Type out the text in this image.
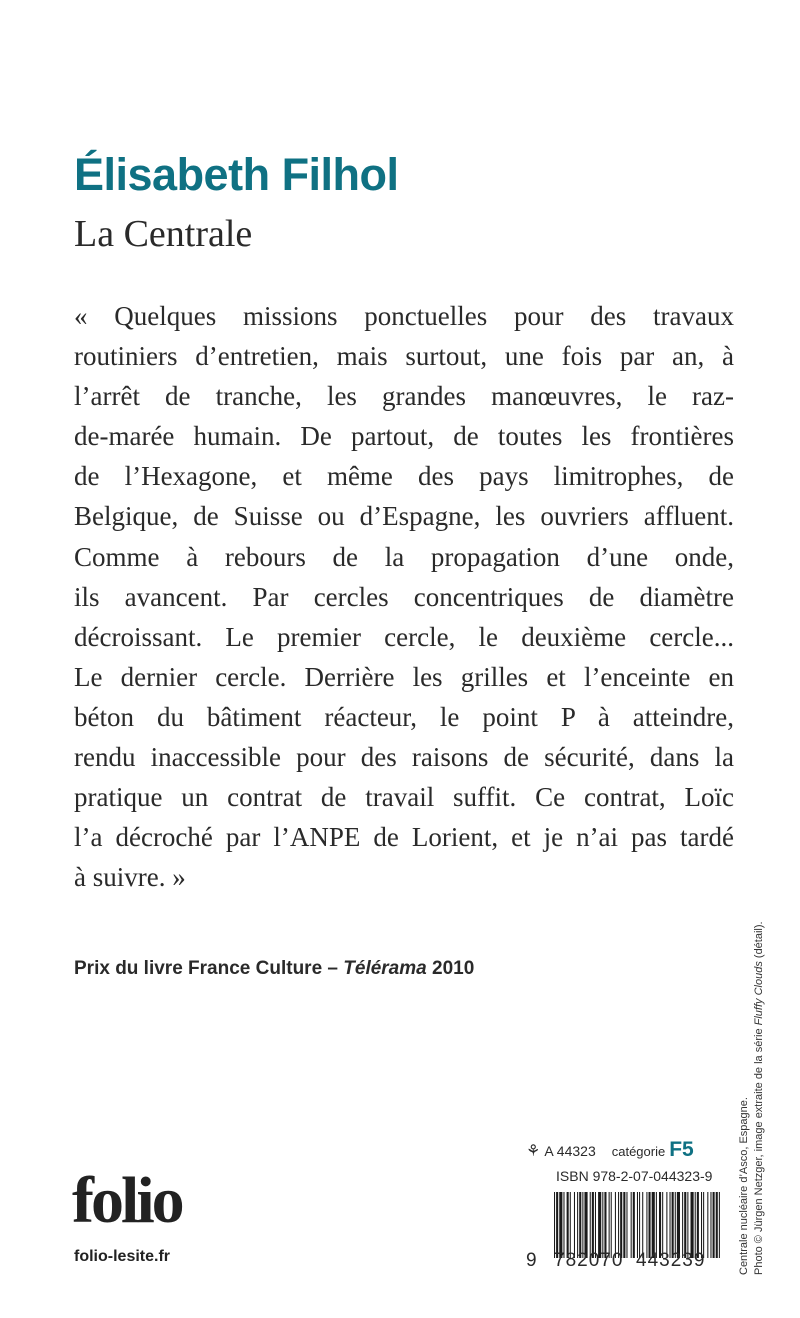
Élisabeth Filhol
La Centrale
« Quelques missions ponctuelles pour des travaux
routiniers d’entretien, mais surtout, une fois par an, à
l’arrêt de tranche, les grandes manœuvres, le raz-
de-marée humain. De partout, de toutes les frontières
de l’Hexagone, et même des pays limitrophes, de
Belgique, de Suisse ou d’Espagne, les ouvriers affluent.
Comme à rebours de la propagation d’une onde,
ils avancent. Par cercles concentriques de diamètre
décroissant. Le premier cercle, le deuxième cercle...
Le dernier cercle. Derrière les grilles et l’enceinte en
béton du bâtiment réacteur, le point P à atteindre,
rendu inaccessible pour des raisons de sécurité, dans la
pratique un contrat de travail suffit. Ce contrat, Loïc
l’a décroché par l’ANPE de Lorient, et je n’ai pas tardé
à suivre. »
Prix du livre France Culture – Télérama 2010
folio
folio-lesite.fr
⚘ A 44323 catégorie F5
ISBN 978-2-07-044323-9
9 782070 443239	Centrale nucléaire d’Asco, Espagne. Photo © Jürgen Netzger, image extraite de la série Fluffy Clouds (détail).
